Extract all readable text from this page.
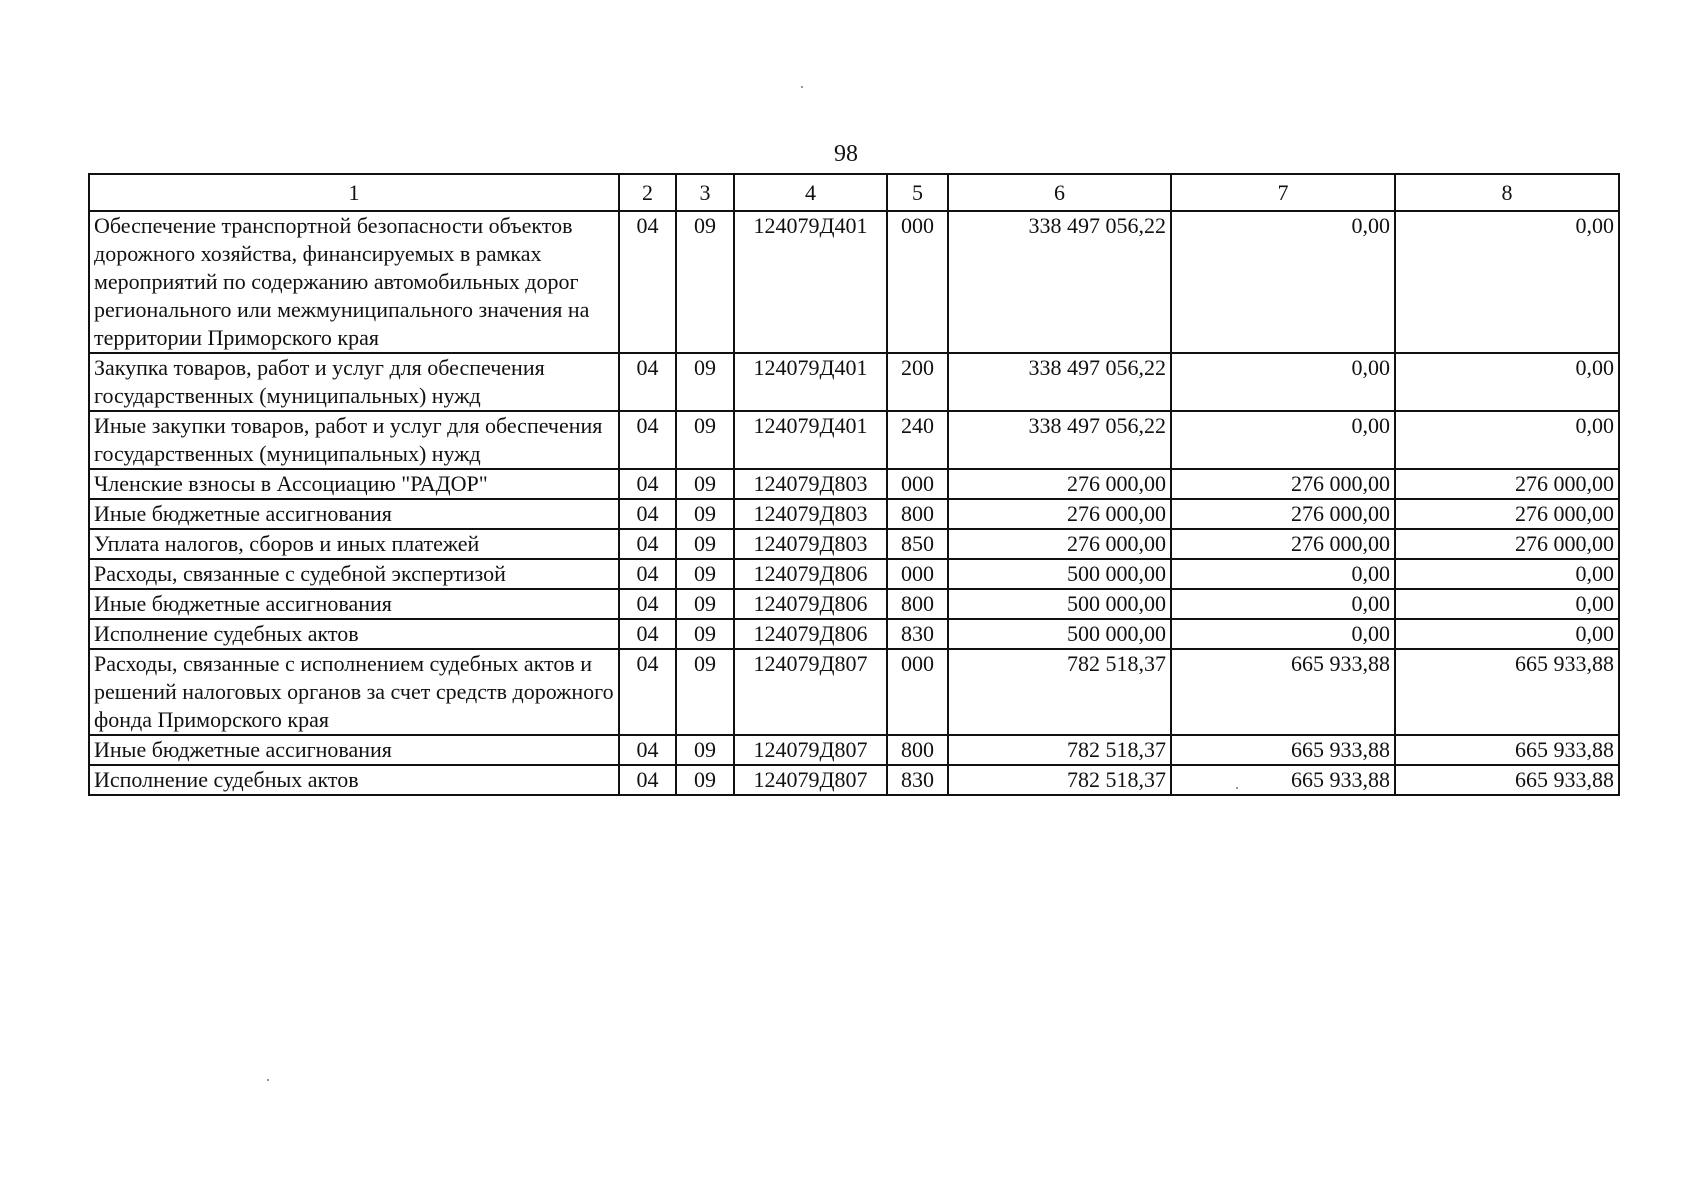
98
1	2	3	4	5	6	7	8
Обеспечение транспортной безопасности объектов дорожного хозяйства, финансируемых в рамках мероприятий по содержанию автомобильных дорог регионального или межмуниципального значения на территории Приморского края	04	09	124079Д401	000	338 497 056,22	0,00	0,00
Закупка товаров, работ и услуг для обеспечения государственных (муниципальных) нужд	04	09	124079Д401	200	338 497 056,22	0,00	0,00
Иные закупки товаров, работ и услуг для обеспечения государственных (муниципальных) нужд	04	09	124079Д401	240	338 497 056,22	0,00	0,00
Членские взносы в Ассоциацию "РАДОР"	04	09	124079Д803	000	276 000,00	276 000,00	276 000,00
Иные бюджетные ассигнования	04	09	124079Д803	800	276 000,00	276 000,00	276 000,00
Уплата налогов, сборов и иных платежей	04	09	124079Д803	850	276 000,00	276 000,00	276 000,00
Расходы, связанные с судебной экспертизой	04	09	124079Д806	000	500 000,00	0,00	0,00
Иные бюджетные ассигнования	04	09	124079Д806	800	500 000,00	0,00	0,00
Исполнение судебных актов	04	09	124079Д806	830	500 000,00	0,00	0,00
Расходы, связанные с исполнением судебных актов и решений налоговых органов за счет средств дорожного фонда Приморского края	04	09	124079Д807	000	782 518,37	665 933,88	665 933,88
Иные бюджетные ассигнования	04	09	124079Д807	800	782 518,37	665 933,88	665 933,88
Исполнение судебных актов	04	09	124079Д807	830	782 518,37	665 933,88	665 933,88
